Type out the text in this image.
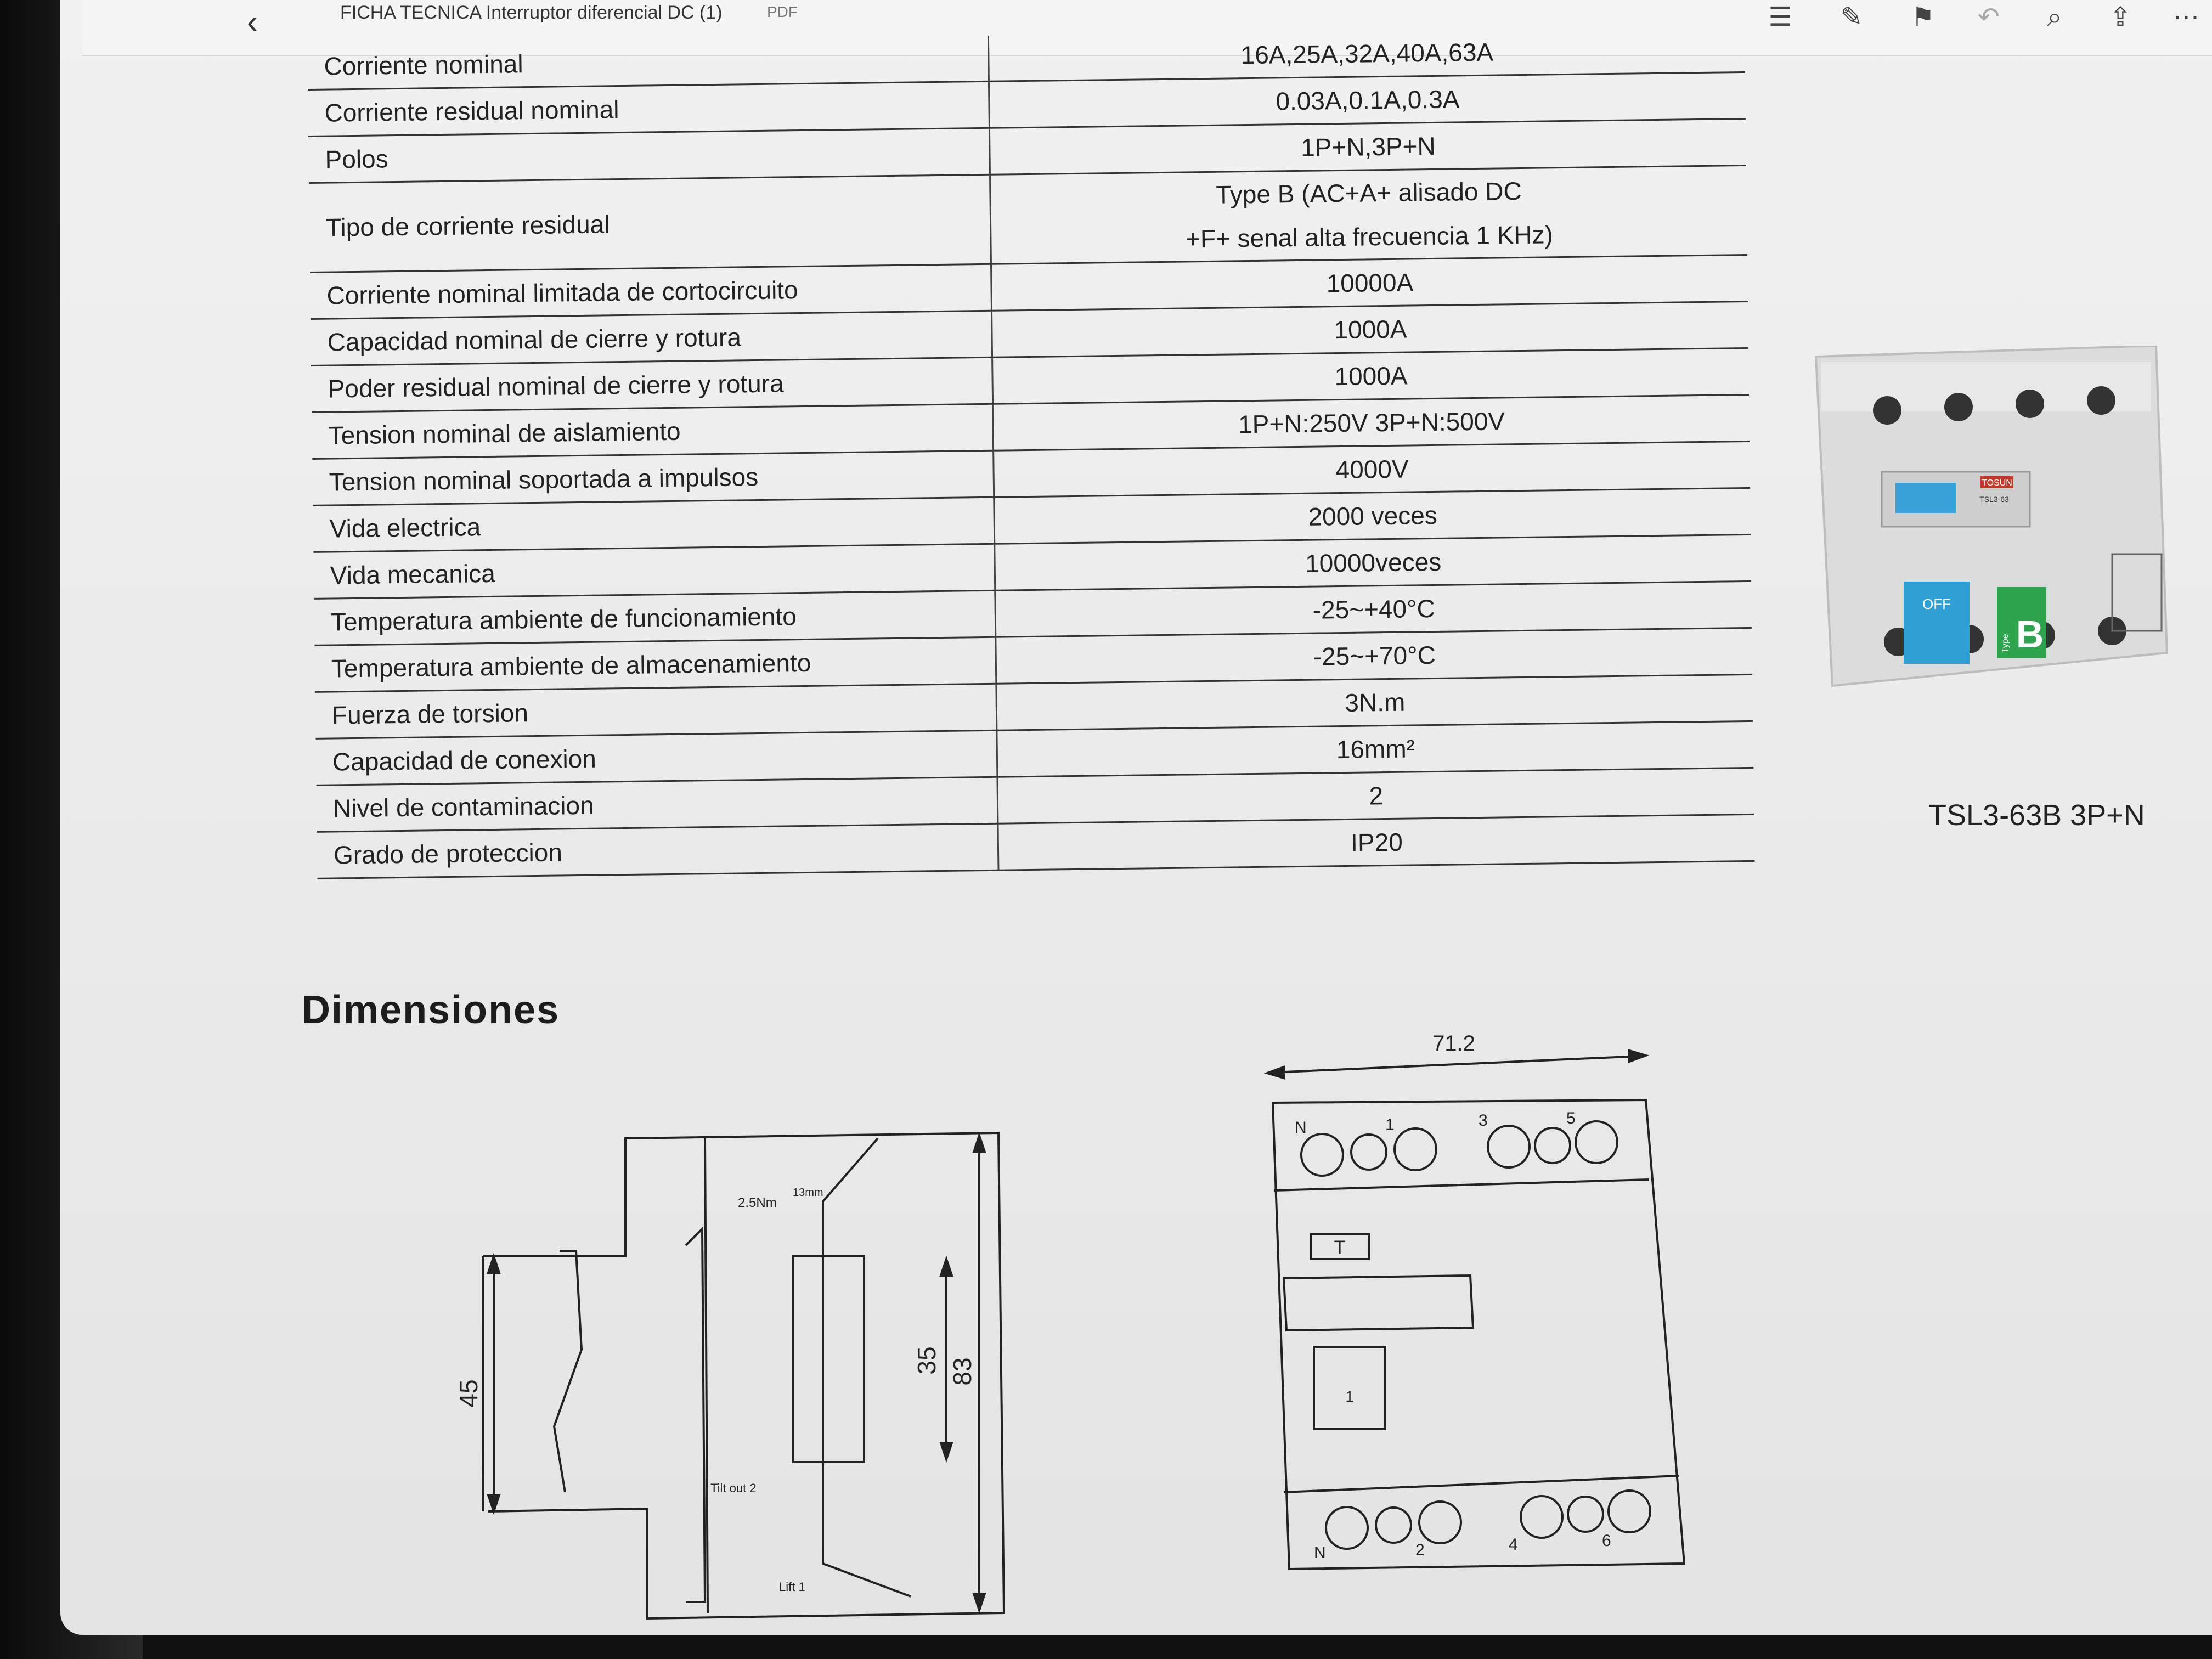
‹	FICHA TECNICA Interruptor diferencial DC (1)	PDF	☰	✎	⚑	↶	⌕	⇪	⋯
Corriente nominal	16A,25A,32A,40A,63A
Corriente residual nominal	0.03A,0.1A,0.3A
Polos	1P+N,3P+N
Tipo de corriente residual	Type B (AC+A+ alisado DC
+F+ senal alta frecuencia 1 KHz)

Corriente nominal limitada de cortocircuito	10000A
Capacidad nominal de cierre y rotura	1000A
Poder residual nominal de cierre y rotura	1000A
Tension nominal de aislamiento	1P+N:250V 3P+N:500V
Tension nominal soportada a impulsos	4000V
Vida electrica	2000 veces
Vida mecanica	10000veces
Temperatura ambiente de funcionamiento	-25~+40°C
Temperatura ambiente de almacenamiento	-25~+70°C
Fuerza de torsion	3N.m
Capacidad de conexion	16mm²
Nivel de contaminacion	2
Grado de proteccion	IP20
TOSUN
TSL3-63
OFF
B
Type
TSL3-63B 3P+N
Dimensiones
45
35 83
2.5Nm
13mm
Tilt out 2
Lift 1
71.2
T
1
N	1	3	5
N	2	4	6
